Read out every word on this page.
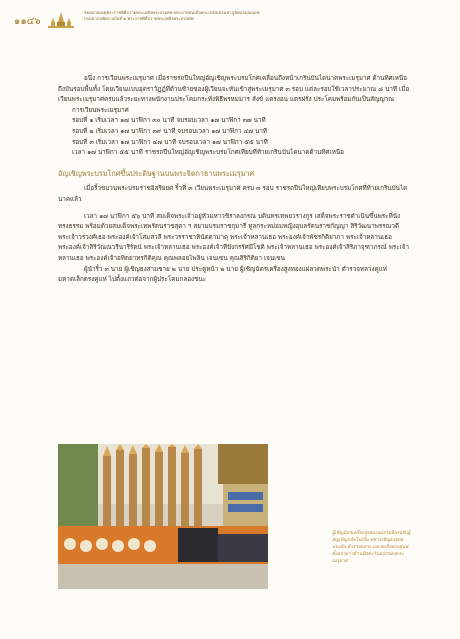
๑๑๔๖
จดหมายเหตุพระราชพิธีถวายพระเพลิงพระบรมศพ พระบาทสมเด็จพระปรมินทรมหาภูมิพลอดุลยเดช
บรมนาถบพิตร ฉบับที่ ๒ พระราชพิธีถวายพระเพลิงพระบรมศพ

อนึ่ง การเวียนพระเมรุมาศ เมื่อราชรถปืนใหญ่อัญเชิญพระบรมโกศเคลื่อนถึงหน้าเกรินบันไดนาคพระเมรุมาศ ด้านทิศเหนือถึงบันรอบพื้นทั้ง โดยเวียนแบบอุตราวัฏฏ์ที่ด้านซ้ายของผู้เวียนจะหันเข้าสู่พระเมรุมาศ ๓ รอบ แต่ละรอบใช้เวลาประมาณ ๘ นาที เมื่อเวียนพระเมรุมาศครบแล้วระยะทางพนักงานประโคมกระทั่งพิธีพรหมมาร สังข์ แตรงอน แตรฝรั่ง ประโคมพร้อมกันเป็นสัญญาณ

การเวียนพระเมรุมาศ
รอบที่ ๑ เริ่มเวลา ๑๗ นาฬิกา ๓๐ นาที จบรอบเวลา ๑๗ นาฬิกา ๓๗ นาที
รอบที่ ๒ เริ่มเวลา ๑๗ นาฬิกา ๓๙ นาที จบรอบเวลา ๑๗ นาฬิกา ๔๗ นาที
รอบที่ ๓ เริ่มเวลา ๑๗ นาฬิกา ๔๗ นาที จบรอบเวลา ๑๗ นาฬิกา ๕๕ นาที
เวลา ๑๗ นาฬิกา ๕๕ นาที ราชรถปืนใหญ่อัญเชิญพระบรมโกศเทียบที่ท้ายเกรินบันไดนาคด้านทิศเหนือ
อัญเชิญพระบรมโกศขึ้นประดิษฐานบนพระจิตกาธานพระเมรุมาศ

เมื่อริ้วขบวนพระบรมราชอิสริยยศ ริ้วที่ ๓ เวียนพระเมรุมาศ ครบ ๓ รอบ ราชรถปืนใหญ่เทียบพระบรมโกศที่ท้ายเกรินบันไดนาคแล้ว

เวลา ๑๗ นาฬิกา ๕๖ นาที สมเด็จพระเจ้าอยู่หัวมหาวชิราลงกรณ บดินทรเทพยวรางกูร เสด็จพระราชดำเนินขึ้นพระที่นั่งทรงธรรม พร้อมด้วยสมเด็จพระเทพรัตนราชสุดา ฯ สยามบรมราชกุมารี ทูลกระหม่อมหญิงอุบลรัตนราชกัญญา สิริวัฒนาพรรณวดี พระเจ้าวรวงศ์เธอ พระองค์เจ้าโสมสวลี พระวรราชาทินัดดามาตุ พระเจ้าหลานเธอ พระองค์เจ้าพัชรกิติยาภา พระเจ้าหลานเธอ พระองค์เจ้าสิริวัณณวรีนารีรัตน์ พระเจ้าหลานเธอ พระองค์เจ้าทีปังกรรัศมีโชติ พระเจ้าหลานเธอ พระองค์เจ้าสิริภาจุฑาภรณ์ พระเจ้าหลานเธอ พระองค์เจ้าอทิตยาทรกิติคุณ คุณพลอยไพลิน เจนเซน คุณสิริกิติยา เจนเซน

ผู้นำริ้ว ๓ นาย ผู้เชิญธงสามชาย ๒ นาย ประตูหน้า ๒ นาย ผู้เชิญฉัตรเครื่องสูงทองแผ่ลวดพระนำ ตำรวจหลวงคู่แห่ มหาดเล็กตรงคู่แห่ ไปตั้งแถวต่อจากผู้ประโคมกลองชนะ

ผู้เชิญฉัตรเครื่องสูงทองแผ่ลวดยืนรอรับผู้อัญเชิญกลับไปเป็น ทหารเชิญธงยุทธประดับ ตำรวจหลวง มหาดเล็กตรงคู่แห่ ตั้งแถวยาวด้านทิศตะวันออกของพระเมรุมาศ
